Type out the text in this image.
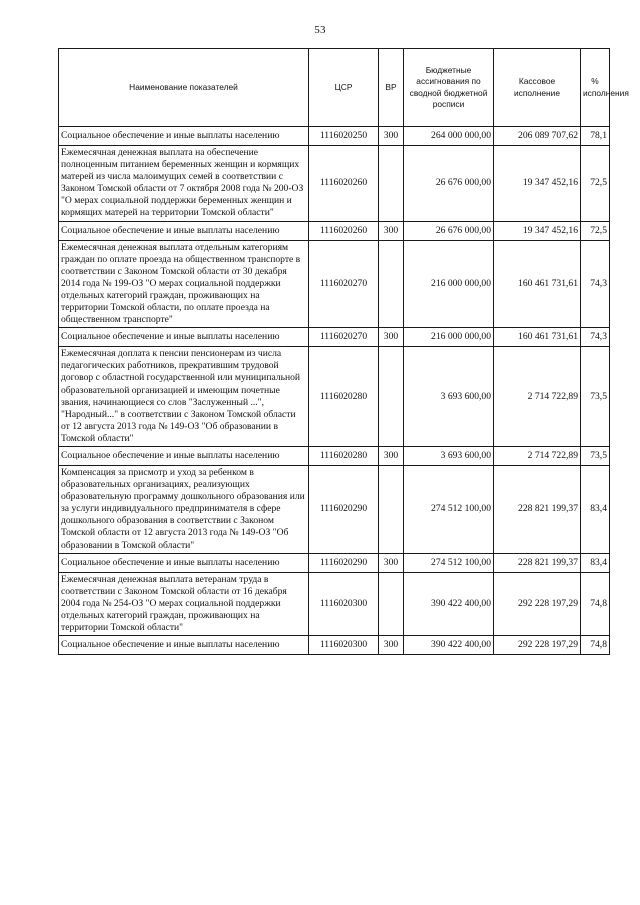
53
Наименование показателей	ЦСР	ВР	Бюджетные ассигнования по сводной бюджетной росписи	Кассовое исполнение	% исполнения
Социальное обеспечение и иные выплаты населению	1116020250	300	264 000 000,00	206 089 707,62	78,1
Ежемесячная денежная выплата на обеспечение полноценным питанием беременных женщин и кормящих матерей из числа малоимущих семей в соответствии с Законом Томской области от 7 октября 2008 года № 200-ОЗ "О мерах социальной поддержки беременных женщин и кормящих матерей на территории Томской области"	1116020260		26 676 000,00	19 347 452,16	72,5
Социальное обеспечение и иные выплаты населению	1116020260	300	26 676 000,00	19 347 452,16	72,5
Ежемесячная денежная выплата отдельным категориям граждан по оплате проезда на общественном транспорте в соответствии с Законом Томской области от 30 декабря 2014 года № 199-ОЗ "О мерах социальной поддержки отдельных категорий граждан, проживающих на территории Томской области, по оплате проезда на общественном транспорте"	1116020270		216 000 000,00	160 461 731,61	74,3
Социальное обеспечение и иные выплаты населению	1116020270	300	216 000 000,00	160 461 731,61	74,3
Ежемесячная доплата к пенсии пенсионерам из числа педагогических работников, прекратившим трудовой договор с областной государственной или муниципальной образовательной организацией и имеющим почетные звания, начинающиеся со слов "Заслуженный ...", "Народный..." в соответствии с Законом Томской области от 12 августа 2013 года № 149-ОЗ "Об образовании в Томской области"	1116020280		3 693 600,00	2 714 722,89	73,5
Социальное обеспечение и иные выплаты населению	1116020280	300	3 693 600,00	2 714 722,89	73,5
Компенсация за присмотр и уход за ребенком в образовательных организациях, реализующих образовательную программу дошкольного образования или за услуги индивидуального предпринимателя в сфере дошкольного образования в соответствии с Законом Томской области от 12 августа 2013 года № 149-ОЗ "Об образовании в Томской области"	1116020290		274 512 100,00	228 821 199,37	83,4
Социальное обеспечение и иные выплаты населению	1116020290	300	274 512 100,00	228 821 199,37	83,4
Ежемесячная денежная выплата ветеранам труда в соответствии с Законом Томской области от 16 декабря 2004 года № 254-ОЗ "О мерах социальной поддержки отдельных категорий граждан, проживающих на территории Томской области"	1116020300		390 422 400,00	292 228 197,29	74,8
Социальное обеспечение и иные выплаты населению	1116020300	300	390 422 400,00	292 228 197,29	74,8
